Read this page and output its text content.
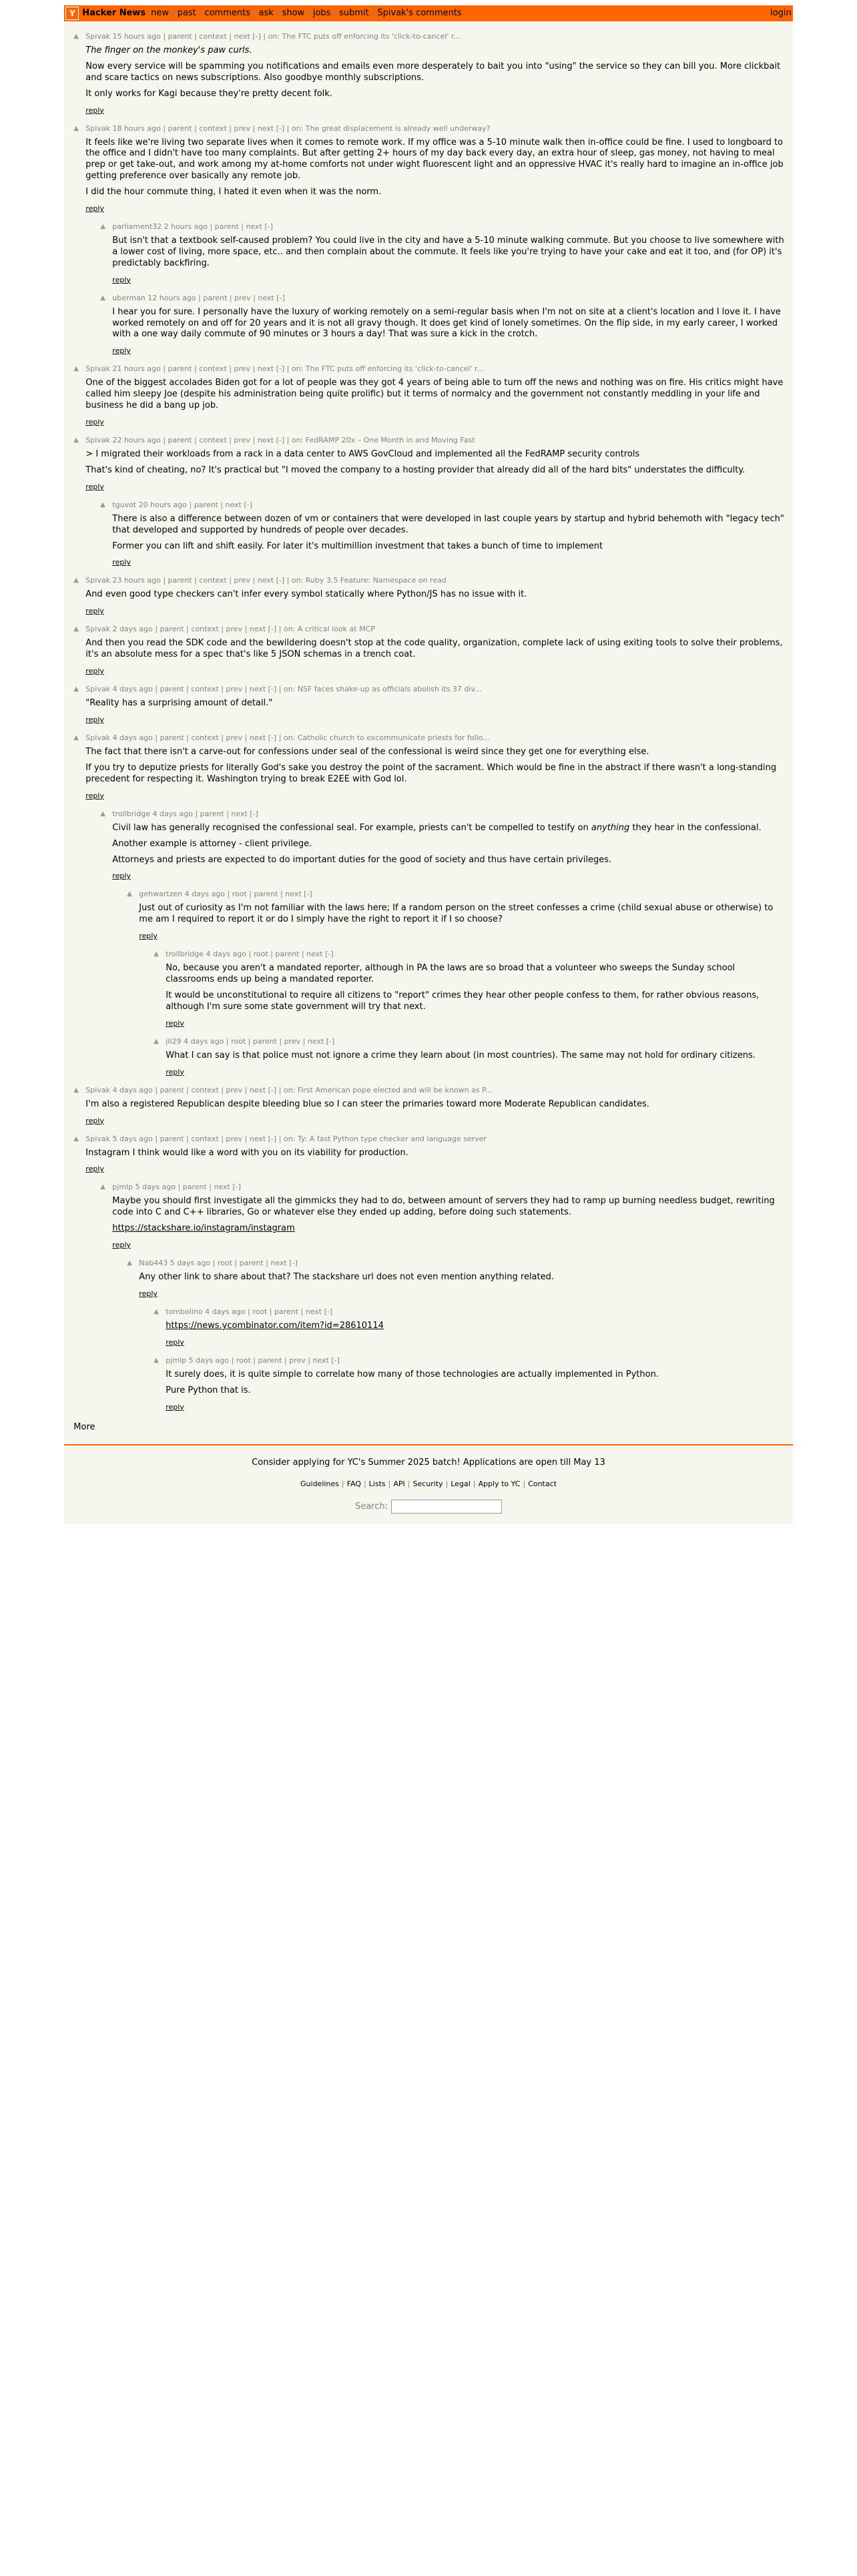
Y Hacker News new | past | comments | ask | show | jobs | submit | Spivak's comments	login
▲ Spivak 15 hours ago | parent | context | next [-] | on: The FTC puts off enforcing its 'click-to-cancel' r...
The finger on the monkey's paw curls.
Now every service will be spamming you notifications and emails even more desperately to bait you into "using" the service so they can bill you. More clickbait and scare tactics on news subscriptions. Also goodbye monthly subscriptions.
It only works for Kagi because they're pretty decent folk.
reply
▲ Spivak 18 hours ago | parent | context | prev | next [-] | on: The great displacement is already well underway?
It feels like we're living two separate lives when it comes to remote work. If my office was a 5-10 minute walk then in-office could be fine. I used to longboard to the office and I didn't have too many complaints. But after getting 2+ hours of my day back every day, an extra hour of sleep, gas money, not having to meal prep or get take-out, and work among my at-home comforts not under wight fluorescent light and an oppressive HVAC it's really hard to imagine an in-office job getting preference over basically any remote job.
I did the hour commute thing, I hated it even when it was the norm.
reply
▲ parliament32 2 hours ago | parent | next [-]
But isn't that a textbook self-caused problem? You could live in the city and have a 5-10 minute walking commute. But you choose to live somewhere with a lower cost of living, more space, etc.. and then complain about the commute. It feels like you're trying to have your cake and eat it too, and (for OP) it's predictably backfiring.
reply
▲ uberman 12 hours ago | parent | prev | next [-]
I hear you for sure. I personally have the luxury of working remotely on a semi-regular basis when I'm not on site at a client's location and I love it. I have worked remotely on and off for 20 years and it is not all gravy though. It does get kind of lonely sometimes. On the flip side, in my early career, I worked with a one way daily commute of 90 minutes or 3 hours a day! That was sure a kick in the crotch.
reply
▲ Spivak 21 hours ago | parent | context | prev | next [-] | on: The FTC puts off enforcing its 'click-to-cancel' r...
One of the biggest accolades Biden got for a lot of people was they got 4 years of being able to turn off the news and nothing was on fire. His critics might have called him sleepy Joe (despite his administration being quite prolific) but it terms of normalcy and the government not constantly meddling in your life and business he did a bang up job.
reply
▲ Spivak 22 hours ago | parent | context | prev | next [-] | on: FedRAMP 20x – One Month in and Moving Fast
> I migrated their workloads from a rack in a data center to AWS GovCloud and implemented all the FedRAMP security controls
That's kind of cheating, no? It's practical but "I moved the company to a hosting provider that already did all of the hard bits" understates the difficulty.
reply
▲ tguvot 20 hours ago | parent | next [-]
There is also a difference between dozen of vm or containers that were developed in last couple years by startup and hybrid behemoth with "legacy tech" that developed and supported by hundreds of people over decades.
Former you can lift and shift easily. For later it's multimillion investment that takes a bunch of time to implement
reply
▲ Spivak 23 hours ago | parent | context | prev | next [-] | on: Ruby 3.5 Feature: Namespace on read
And even good type checkers can't infer every symbol statically where Python/JS has no issue with it.
reply
▲ Spivak 2 days ago | parent | context | prev | next [-] | on: A critical look at MCP
And then you read the SDK code and the bewildering doesn't stop at the code quality, organization, complete lack of using exiting tools to solve their problems, it's an absolute mess for a spec that's like 5 JSON schemas in a trench coat.
reply
▲ Spivak 4 days ago | parent | context | prev | next [-] | on: NSF faces shake-up as officials abolish its 37 div...
"Reality has a surprising amount of detail."
reply
▲ Spivak 4 days ago | parent | context | prev | next [-] | on: Catholic church to excommunicate priests for follo...
The fact that there isn't a carve-out for confessions under seal of the confessional is weird since they get one for everything else.
If you try to deputize priests for literally God's sake you destroy the point of the sacrament. Which would be fine in the abstract if there wasn't a long-standing precedent for respecting it. Washington trying to break E2EE with God lol.
reply
▲ trollbridge 4 days ago | parent | next [-]
Civil law has generally recognised the confessional seal. For example, priests can't be compelled to testify on anything they hear in the confessional.
Another example is attorney - client privilege.
Attorneys and priests are expected to do important duties for the good of society and thus have certain privileges.
reply
▲ gehwartzen 4 days ago | root | parent | next [-]
Just out of curiosity as I'm not familiar with the laws here; If a random person on the street confesses a crime (child sexual abuse or otherwise) to me am I required to report it or do I simply have the right to report it if I so choose?
reply
▲ trollbridge 4 days ago | root | parent | next [-]
No, because you aren't a mandated reporter, although in PA the laws are so broad that a volunteer who sweeps the Sunday school classrooms ends up being a mandated reporter.
It would be unconstitutional to require all citizens to "report" crimes they hear other people confess to them, for rather obvious reasons, although I'm sure some state government will try that next.
reply
▲ jll29 4 days ago | root | parent | prev | next [-]
What I can say is that police must not ignore a crime they learn about (in most countries). The same may not hold for ordinary citizens.
reply
▲ Spivak 4 days ago | parent | context | prev | next [-] | on: First American pope elected and will be known as P...
I'm also a registered Republican despite bleeding blue so I can steer the primaries toward more Moderate Republican candidates.
reply
▲ Spivak 5 days ago | parent | context | prev | next [-] | on: Ty: A fast Python type checker and language server
Instagram I think would like a word with you on its viability for production.
reply
▲ pjmlp 5 days ago | parent | next [-]
Maybe you should first investigate all the gimmicks they had to do, between amount of servers they had to ramp up burning needless budget, rewriting code into C and C++ libraries, Go or whatever else they ended up adding, before doing such statements.
https://stackshare.io/instagram/instagram
reply
▲ Nab443 5 days ago | root | parent | next [-]
Any other link to share about that? The stackshare url does not even mention anything related.
reply
▲ tombolino 4 days ago | root | parent | next [-]
https://news.ycombinator.com/item?id=28610114
reply
▲ pjmlp 5 days ago | root | parent | prev | next [-]
It surely does, it is quite simple to correlate how many of those technologies are actually implemented in Python.
Pure Python that is.
reply
More
Consider applying for YC's Summer 2025 batch! Applications are open till May 13
Guidelines | FAQ | Lists | API | Security | Legal | Apply to YC | Contact
Search:
